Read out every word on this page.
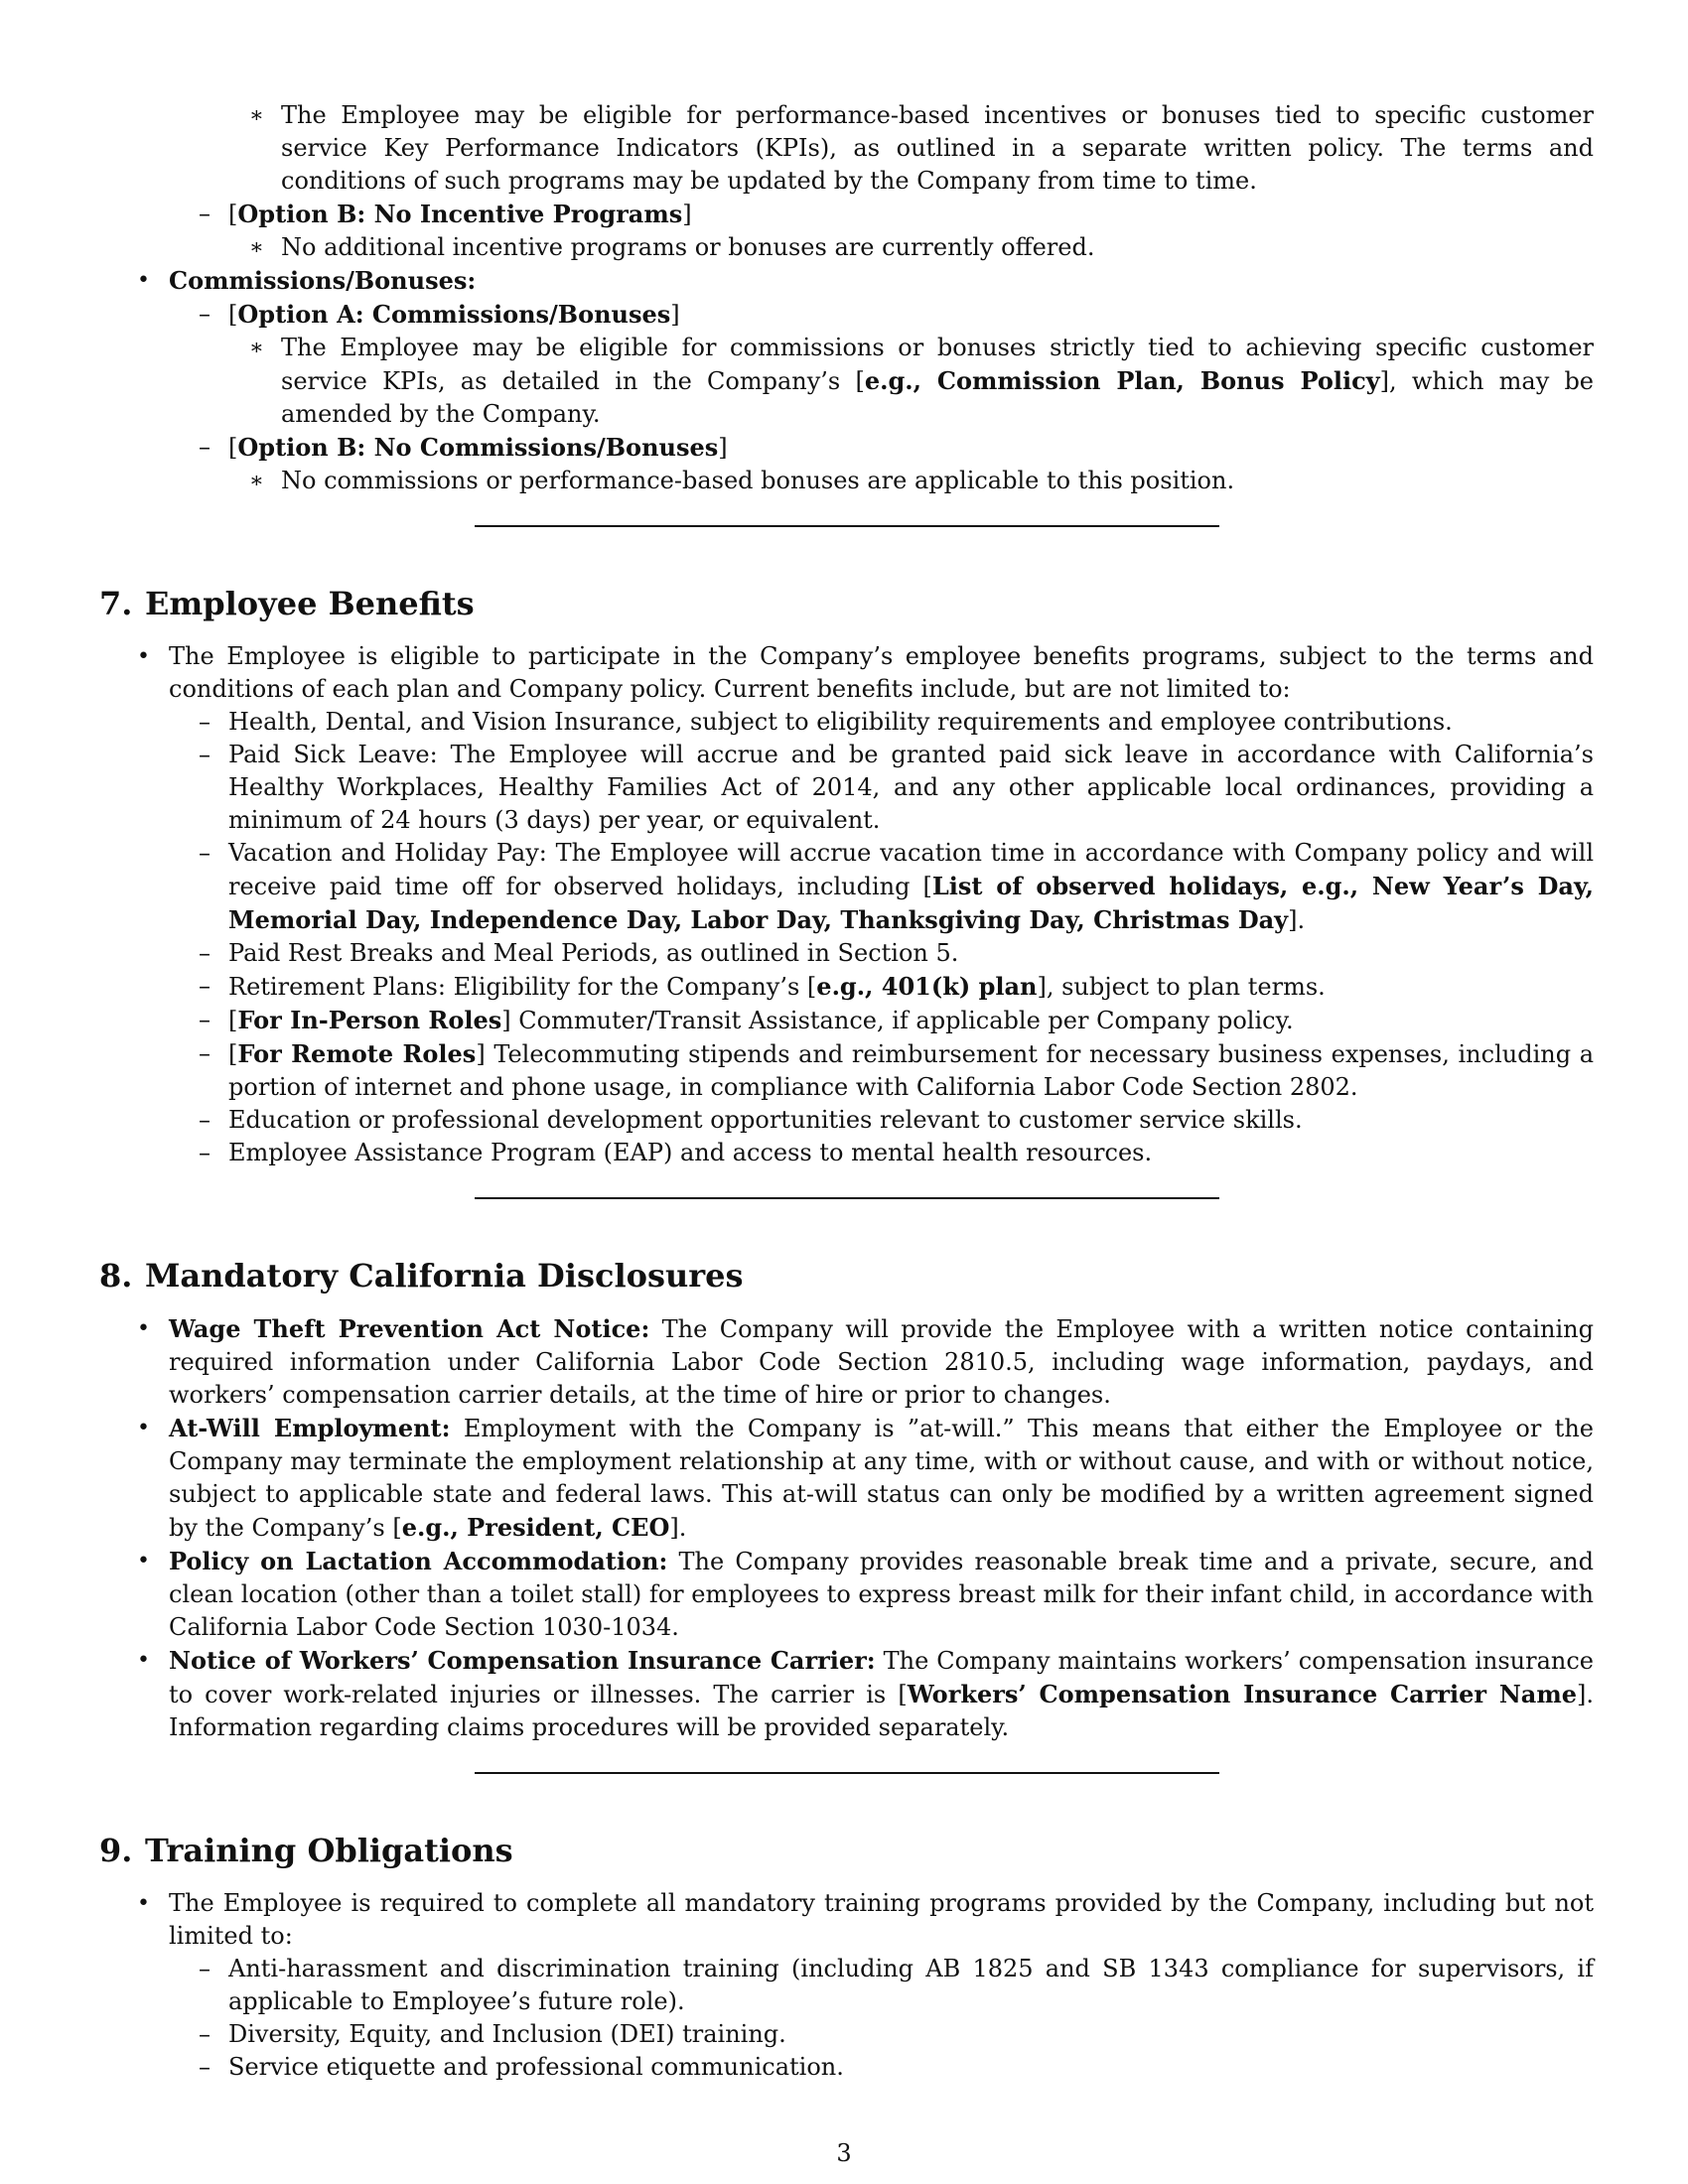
∗ The Employee may be eligible for performance-based incentives or bonuses tied to specific customer service Key Performance Indicators (KPIs), as outlined in a separate written policy. The terms and conditions of such programs may be updated by the Company from time to time.
– [Option B: No Incentive Programs]
∗ No additional incentive programs or bonuses are currently offered.
• Commissions/Bonuses:
– [Option A: Commissions/Bonuses]
∗ The Employee may be eligible for commissions or bonuses strictly tied to achieving specific customer service KPIs, as detailed in the Company’s [e.g., Commission Plan, Bonus Policy], which may be amended by the Company.
– [Option B: No Commissions/Bonuses]
∗ No commissions or performance-based bonuses are applicable to this position.
7. Employee Benefits
• The Employee is eligible to participate in the Company’s employee benefits programs, subject to the terms and conditions of each plan and Company policy. Current benefits include, but are not limited to:
– Health, Dental, and Vision Insurance, subject to eligibility requirements and employee contributions.
– Paid Sick Leave: The Employee will accrue and be granted paid sick leave in accordance with California’s Healthy Workplaces, Healthy Families Act of 2014, and any other applicable local ordinances, providing a minimum of 24 hours (3 days) per year, or equivalent.
– Vacation and Holiday Pay: The Employee will accrue vacation time in accordance with Company policy and will receive paid time off for observed holidays, including [List of observed holidays, e.g., New Year’s Day, Memorial Day, Independence Day, Labor Day, Thanksgiving Day, Christmas Day].
– Paid Rest Breaks and Meal Periods, as outlined in Section 5.
– Retirement Plans: Eligibility for the Company’s [e.g., 401(k) plan], subject to plan terms.
– [For In-Person Roles] Commuter/Transit Assistance, if applicable per Company policy.
– [For Remote Roles] Telecommuting stipends and reimbursement for necessary business expenses, including a portion of internet and phone usage, in compliance with California Labor Code Section 2802.
– Education or professional development opportunities relevant to customer service skills.
– Employee Assistance Program (EAP) and access to mental health resources.
8. Mandatory California Disclosures
• Wage Theft Prevention Act Notice: The Company will provide the Employee with a written notice containing required information under California Labor Code Section 2810.5, including wage information, paydays, and workers’ compensation carrier details, at the time of hire or prior to changes.
• At-Will Employment: Employment with the Company is ”at-will.” This means that either the Employee or the Company may terminate the employment relationship at any time, with or without cause, and with or without notice, subject to applicable state and federal laws. This at-will status can only be modified by a written agreement signed by the Company’s [e.g., President, CEO].
• Policy on Lactation Accommodation: The Company provides reasonable break time and a private, secure, and clean location (other than a toilet stall) for employees to express breast milk for their infant child, in accordance with California Labor Code Section 1030-1034.
• Notice of Workers’ Compensation Insurance Carrier: The Company maintains workers’ compensation insurance to cover work-related injuries or illnesses. The carrier is [Workers’ Compensation Insurance Carrier Name]. Information regarding claims procedures will be provided separately.
9. Training Obligations
• The Employee is required to complete all mandatory training programs provided by the Company, including but not limited to:
– Anti-harassment and discrimination training (including AB 1825 and SB 1343 compliance for supervisors, if applicable to Employee’s future role).
– Diversity, Equity, and Inclusion (DEI) training.
– Service etiquette and professional communication.
3
